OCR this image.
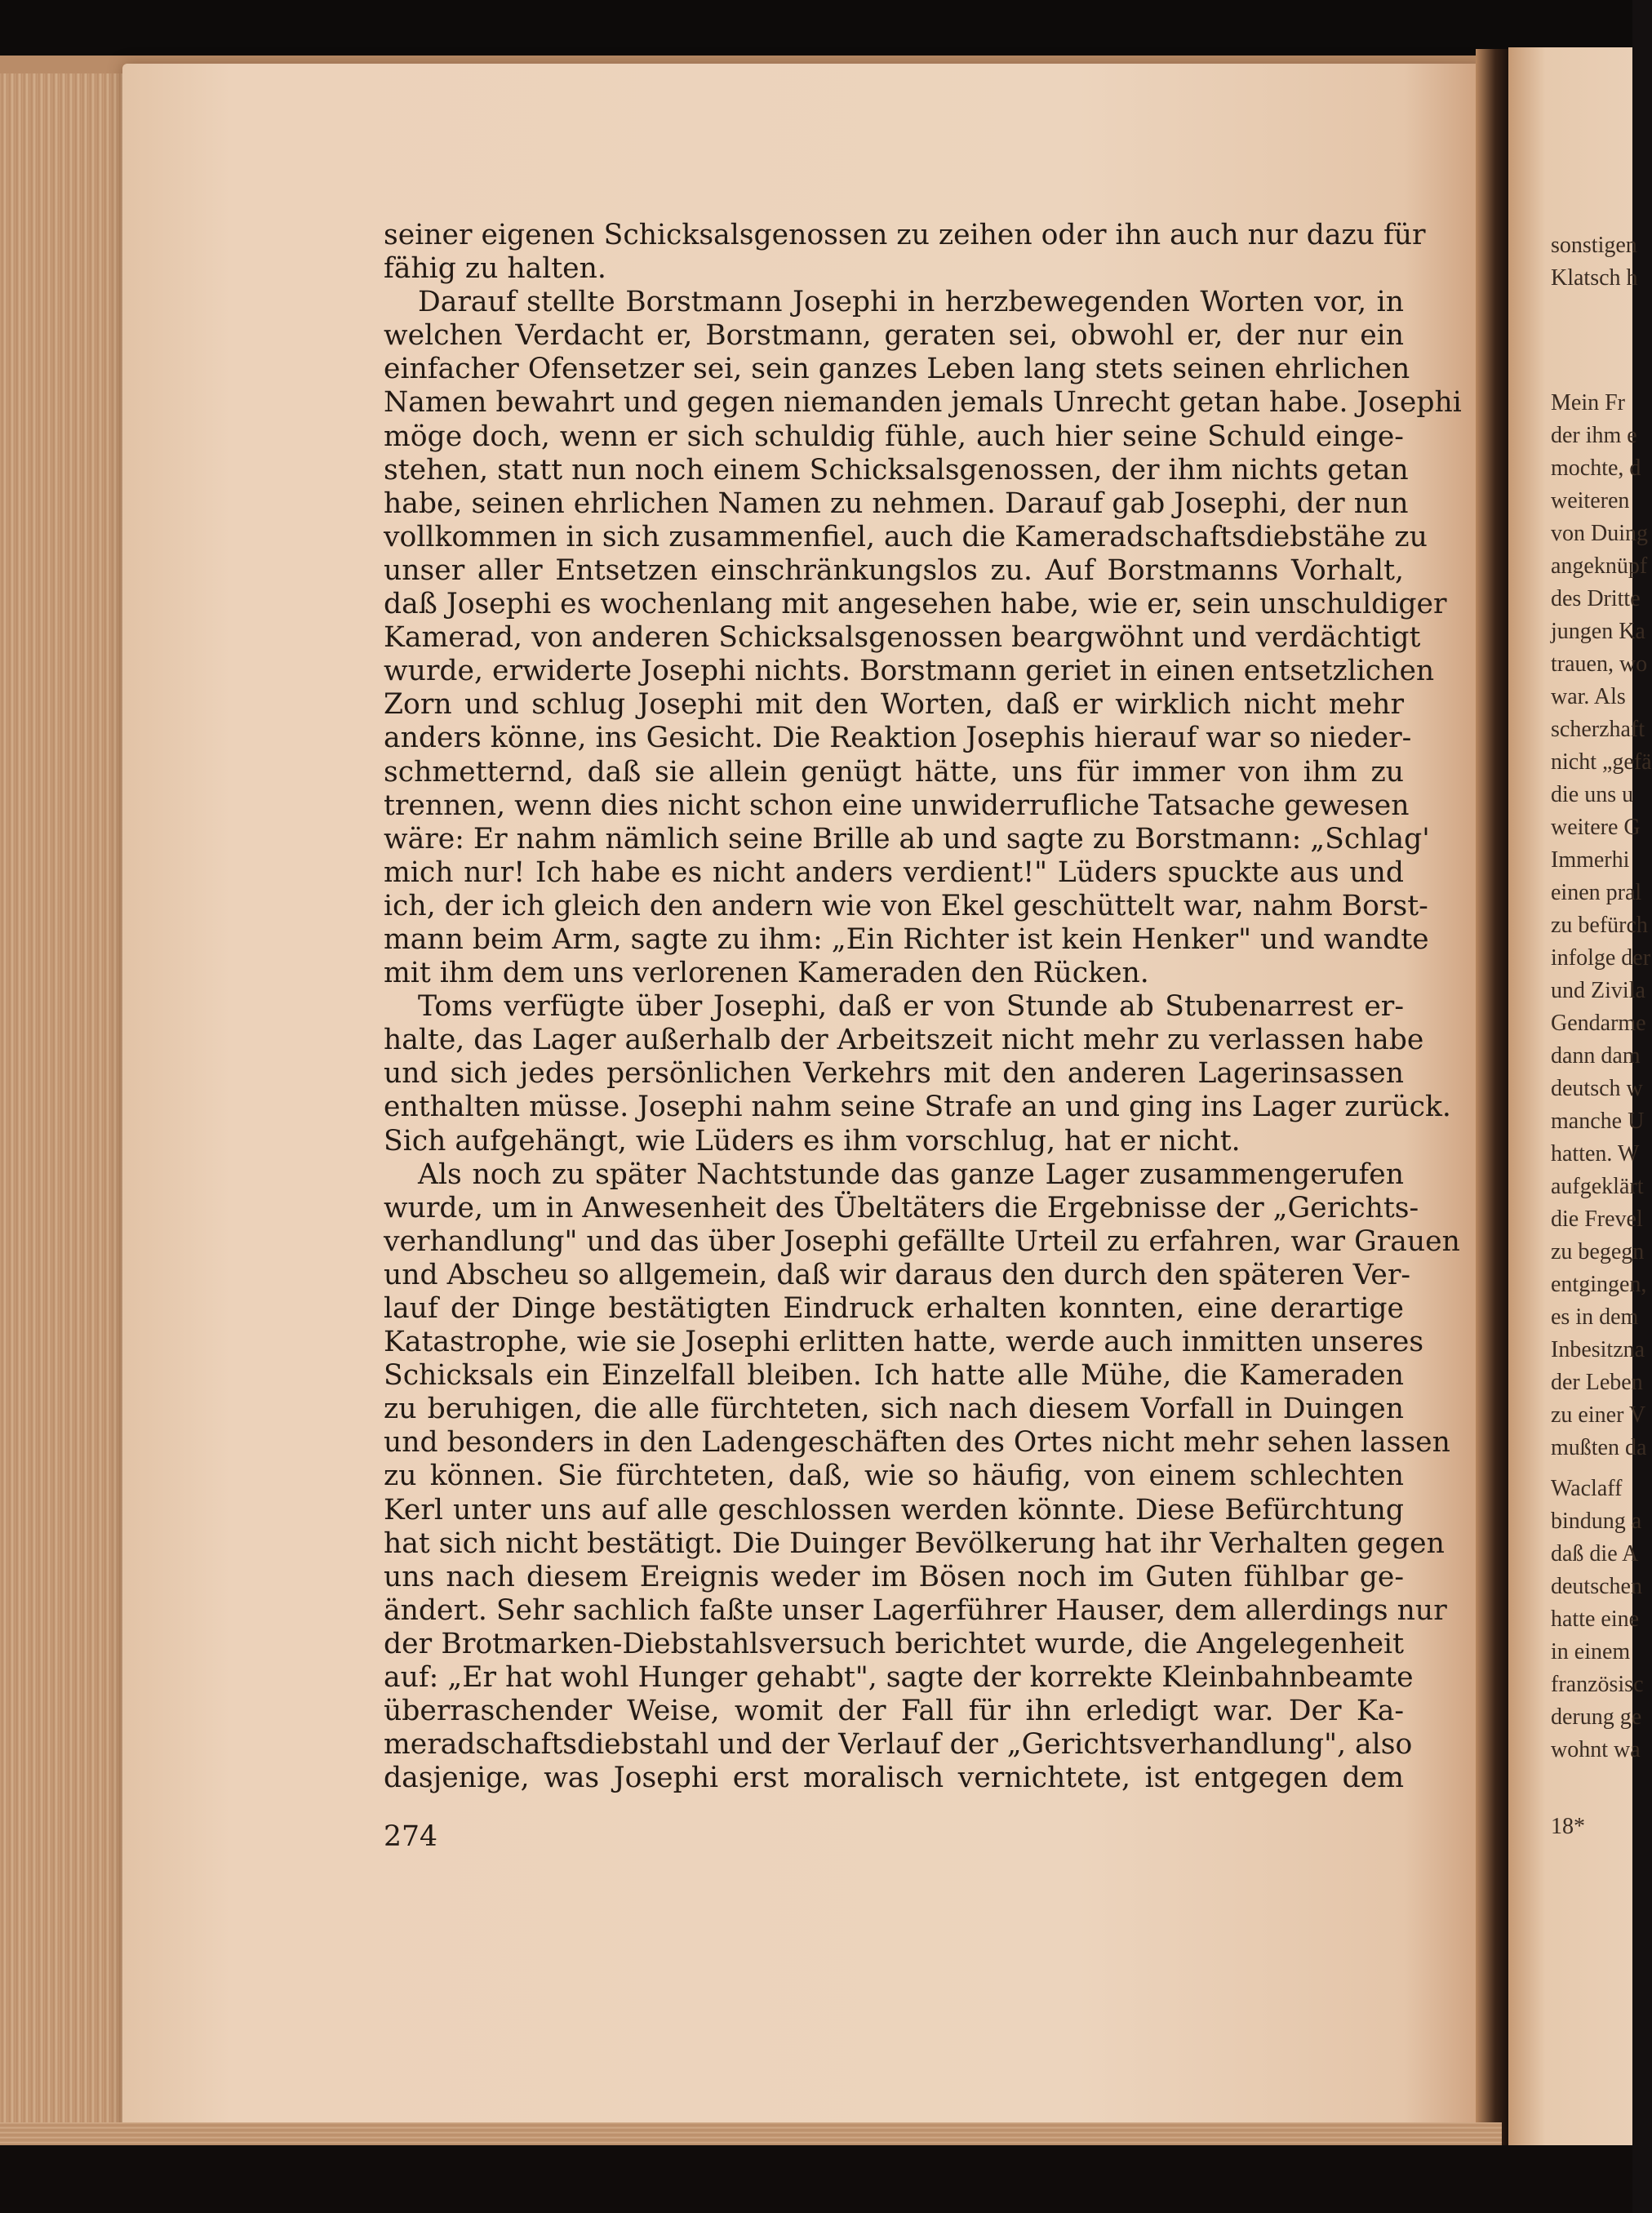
seiner eigenen Schicksalsgenossen zu zeihen oder ihn auch nur dazu für
fähig zu halten.
Darauf stellte Borstmann Josephi in herzbewegenden Worten vor, in
welchen Verdacht er, Borstmann, geraten sei, obwohl er, der nur ein
einfacher Ofensetzer sei, sein ganzes Leben lang stets seinen ehrlichen
Namen bewahrt und gegen niemanden jemals Unrecht getan habe. Josephi
möge doch, wenn er sich schuldig fühle, auch hier seine Schuld einge-
stehen, statt nun noch einem Schicksalsgenossen, der ihm nichts getan
habe, seinen ehrlichen Namen zu nehmen. Darauf gab Josephi, der nun
vollkommen in sich zusammenfiel, auch die Kameradschaftsdiebstähe zu
unser aller Entsetzen einschränkungslos zu. Auf Borstmanns Vorhalt,
daß Josephi es wochenlang mit angesehen habe, wie er, sein unschuldiger
Kamerad, von anderen Schicksalsgenossen beargwöhnt und verdächtigt
wurde, erwiderte Josephi nichts. Borstmann geriet in einen entsetzlichen
Zorn und schlug Josephi mit den Worten, daß er wirklich nicht mehr
anders könne, ins Gesicht. Die Reaktion Josephis hierauf war so nieder-
schmetternd, daß sie allein genügt hätte, uns für immer von ihm zu
trennen, wenn dies nicht schon eine unwiderrufliche Tatsache gewesen
wäre: Er nahm nämlich seine Brille ab und sagte zu Borstmann: „Schlag'
mich nur! Ich habe es nicht anders verdient!" Lüders spuckte aus und
ich, der ich gleich den andern wie von Ekel geschüttelt war, nahm Borst-
mann beim Arm, sagte zu ihm: „Ein Richter ist kein Henker" und wandte
mit ihm dem uns verlorenen Kameraden den Rücken.
Toms verfügte über Josephi, daß er von Stunde ab Stubenarrest er-
halte, das Lager außerhalb der Arbeitszeit nicht mehr zu verlassen habe
und sich jedes persönlichen Verkehrs mit den anderen Lagerinsassen
enthalten müsse. Josephi nahm seine Strafe an und ging ins Lager zurück.
Sich aufgehängt, wie Lüders es ihm vorschlug, hat er nicht.
Als noch zu später Nachtstunde das ganze Lager zusammengerufen
wurde, um in Anwesenheit des Übeltäters die Ergebnisse der „Gerichts-
verhandlung" und das über Josephi gefällte Urteil zu erfahren, war Grauen
und Abscheu so allgemein, daß wir daraus den durch den späteren Ver-
lauf der Dinge bestätigten Eindruck erhalten konnten, eine derartige
Katastrophe, wie sie Josephi erlitten hatte, werde auch inmitten unseres
Schicksals ein Einzelfall bleiben. Ich hatte alle Mühe, die Kameraden
zu beruhigen, die alle fürchteten, sich nach diesem Vorfall in Duingen
und besonders in den Ladengeschäften des Ortes nicht mehr sehen lassen
zu können. Sie fürchteten, daß, wie so häufig, von einem schlechten
Kerl unter uns auf alle geschlossen werden könnte. Diese Befürchtung
hat sich nicht bestätigt. Die Duinger Bevölkerung hat ihr Verhalten gegen
uns nach diesem Ereignis weder im Bösen noch im Guten fühlbar ge-
ändert. Sehr sachlich faßte unser Lagerführer Hauser, dem allerdings nur
der Brotmarken-Diebstahlsversuch berichtet wurde, die Angelegenheit
auf: „Er hat wohl Hunger gehabt", sagte der korrekte Kleinbahnbeamte
überraschender Weise, womit der Fall für ihn erledigt war. Der Ka-
meradschaftsdiebstahl und der Verlauf der „Gerichtsverhandlung", also
dasjenige, was Josephi erst moralisch vernichtete, ist entgegen dem
274
sonstigen
Klatsch h
Mein Fr
der ihm e
mochte, d
weiteren
von Duing
angeknüpf
des Dritte
jungen Ka
trauen, wo
war. Als
scherzhaft
nicht „gefä
die uns u
weitere G
Immerhi
einen pral
zu befürch
infolge der
und Zivila
Gendarme
dann dam
deutsch w
manche U
hatten. W
aufgeklärt
die Frevel
zu begegn
entgingen,
es in dem
Inbesitzna
der Leben
zu einer V
mußten da
Waclaff
bindung a
daß die A
deutschen
hatte eine
in einem
französisc
derung ge
wohnt wa
18*
